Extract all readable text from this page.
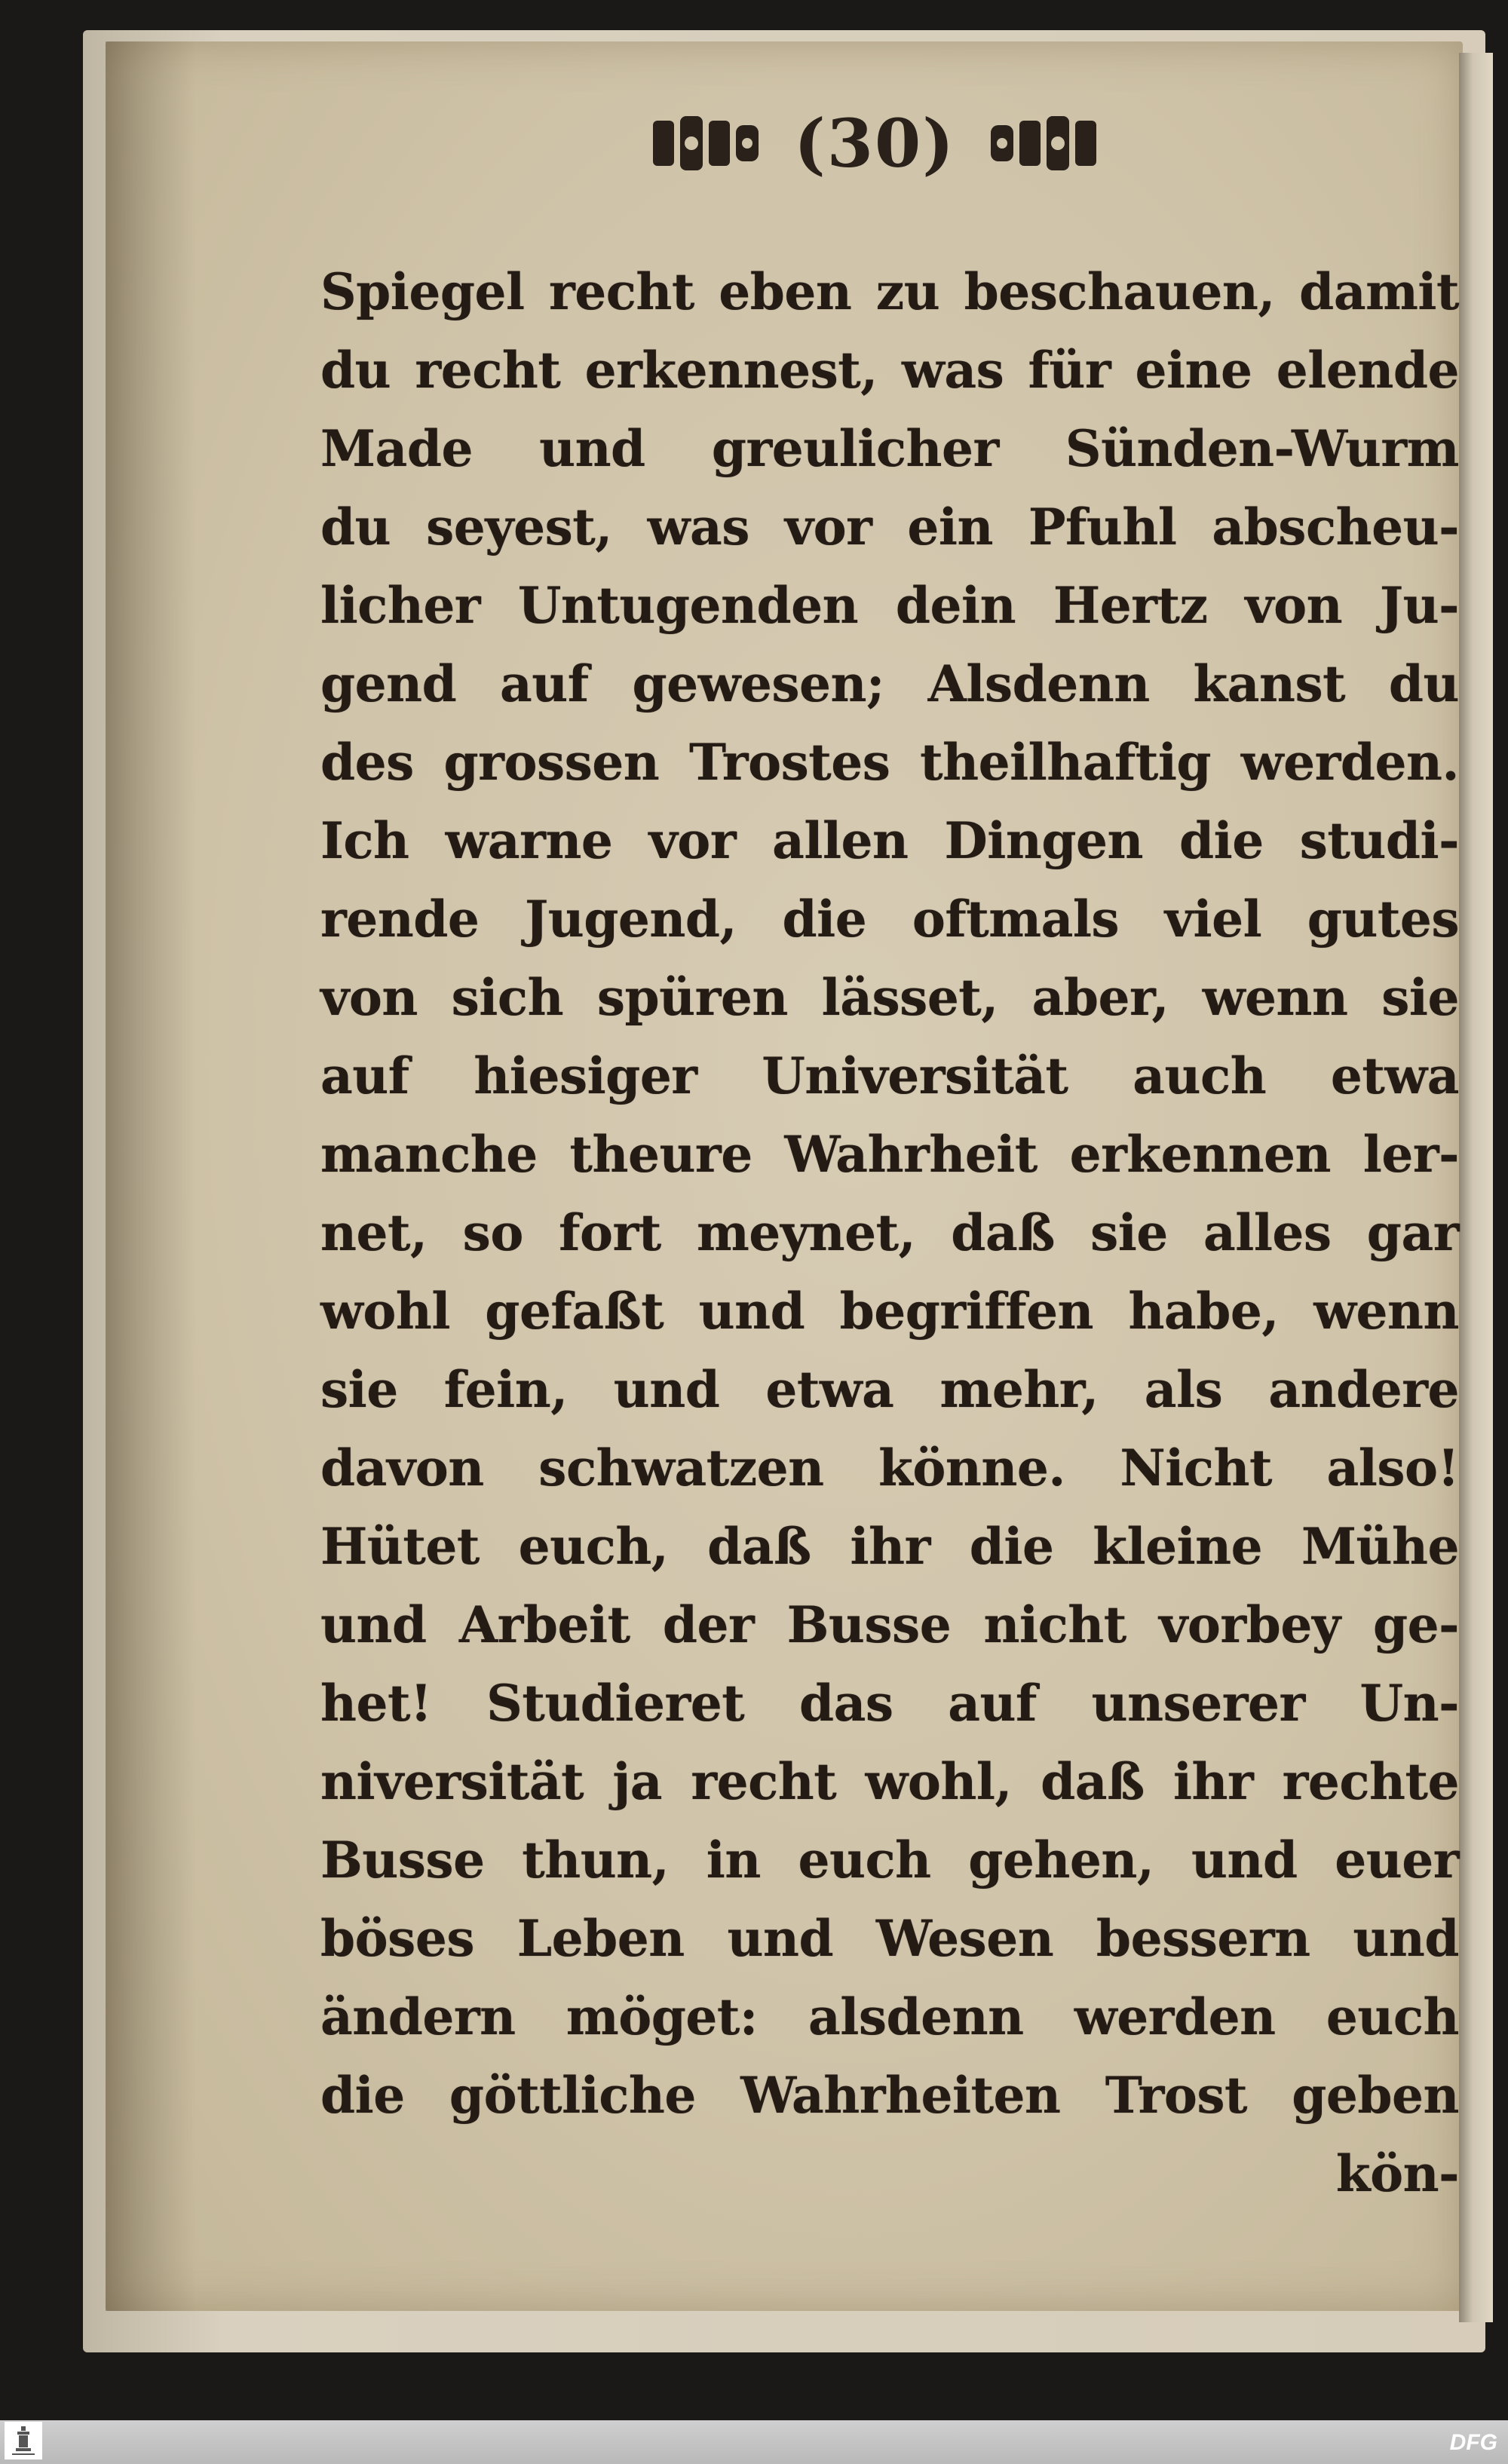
(30)
Spiegel recht eben zu beschauen, damit
du recht erkennest, was für eine elende
Made und greulicher Sünden-Wurm
du seyest, was vor ein Pfuhl abscheu-
licher Untugenden dein Hertz von Ju-
gend auf gewesen; Alsdenn kanst du
des grossen Trostes theilhaftig werden.
Ich warne vor allen Dingen die studi-
rende Jugend, die oftmals viel gutes
von sich spüren lässet, aber, wenn sie
auf hiesiger Universität auch etwa
manche theure Wahrheit erkennen ler-
net, so fort meynet, daß sie alles gar
wohl gefaßt und begriffen habe, wenn
sie fein, und etwa mehr, als andere
davon schwatzen könne. Nicht also!
Hütet euch, daß ihr die kleine Mühe
und Arbeit der Busse nicht vorbey ge-
het! Studieret das auf unserer Un-
niversität ja recht wohl, daß ihr rechte
Busse thun, in euch gehen, und euer
böses Leben und Wesen bessern und
ändern möget: alsdenn werden euch
die göttliche Wahrheiten Trost geben
kön-
DFG
